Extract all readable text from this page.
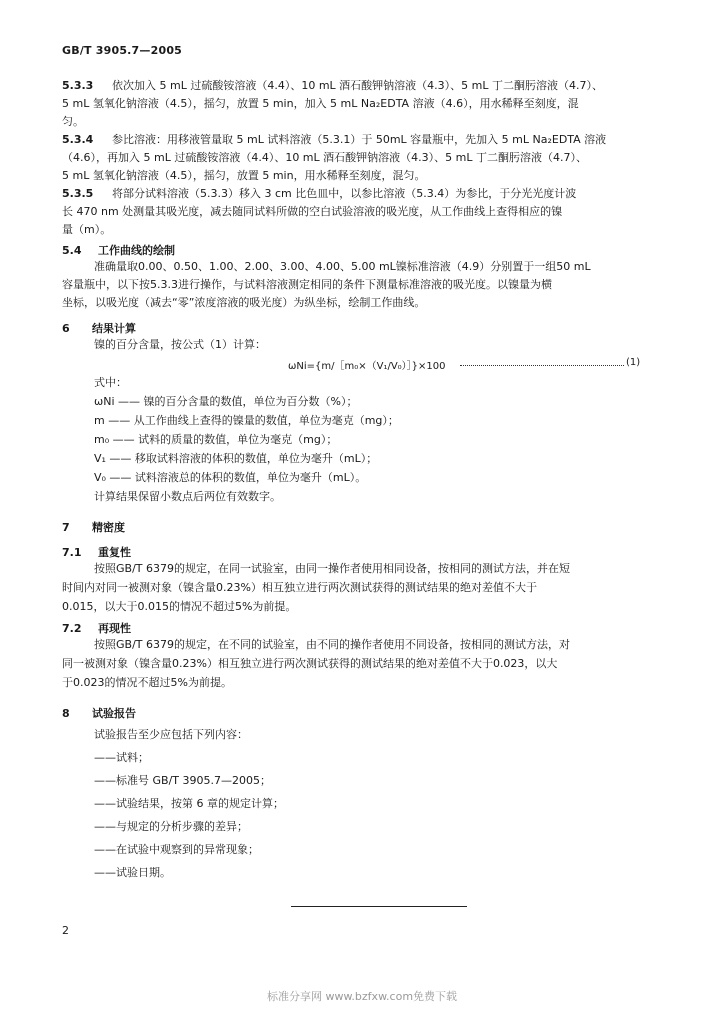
GB/T 3905.7—2005
5.3.3 依次加入 5 mL 过硫酸铵溶液（4.4）、10 mL 酒石酸钾钠溶液（4.3）、5 mL 丁二酮肟溶液（4.7）、
5 mL 氢氧化钠溶液（4.5），摇匀，放置 5 min，加入 5 mL Na₂EDTA 溶液（4.6），用水稀释至刻度，混
匀。
5.3.4 参比溶液：用移液管量取 5 mL 试料溶液（5.3.1）于 50mL 容量瓶中，先加入 5 mL Na₂EDTA 溶液
（4.6），再加入 5 mL 过硫酸铵溶液（4.4）、10 mL 酒石酸钾钠溶液（4.3）、5 mL 丁二酮肟溶液（4.7）、
5 mL 氢氧化钠溶液（4.5），摇匀，放置 5 min，用水稀释至刻度，混匀。
5.3.5 将部分试料溶液（5.3.3）移入 3 cm 比色皿中，以参比溶液（5.3.4）为参比，于分光光度计波
长 470 nm 处测量其吸光度，减去随同试料所做的空白试验溶液的吸光度，从工作曲线上查得相应的镍
量（m）。
5.4 工作曲线的绘制
准确量取0.00、0.50、1.00、2.00、3.00、4.00、5.00 mL镍标准溶液（4.9）分别置于一组50 mL
容量瓶中，以下按5.3.3进行操作，与试料溶液测定相同的条件下测量标准溶液的吸光度。以镍量为横
坐标，以吸光度（减去“零”浓度溶液的吸光度）为纵坐标，绘制工作曲线。
6 结果计算
镍的百分含量，按公式（1）计算：
ωNi={m/［m₀×（V₁/V₀）］}×100	(1)
式中：
ωNi —— 镍的百分含量的数值，单位为百分数（%）；
m —— 从工作曲线上查得的镍量的数值，单位为毫克（mg）；
m₀ —— 试料的质量的数值，单位为毫克（mg）；
V₁ —— 移取试料溶液的体积的数值，单位为毫升（mL）；
V₀ —— 试料溶液总的体积的数值，单位为毫升（mL）。
计算结果保留小数点后两位有效数字。
7 精密度
7.1 重复性
按照GB/T 6379的规定，在同一试验室，由同一操作者使用相同设备，按相同的测试方法，并在短
时间内对同一被测对象（镍含量0.23%）相互独立进行两次测试获得的测试结果的绝对差值不大于
0.015，以大于0.015的情况不超过5%为前提。
7.2 再现性
按照GB/T 6379的规定，在不同的试验室，由不同的操作者使用不同设备，按相同的测试方法，对
同一被测对象（镍含量0.23%）相互独立进行两次测试获得的测试结果的绝对差值不大于0.023，以大
于0.023的情况不超过5%为前提。
8 试验报告
试验报告至少应包括下列内容：
——试料；
——标准号 GB/T 3905.7—2005；
——试验结果，按第 6 章的规定计算；
——与规定的分析步骤的差异；
——在试验中观察到的异常现象；
——试验日期。
2
标准分享网 www.bzfxw.com免费下载
